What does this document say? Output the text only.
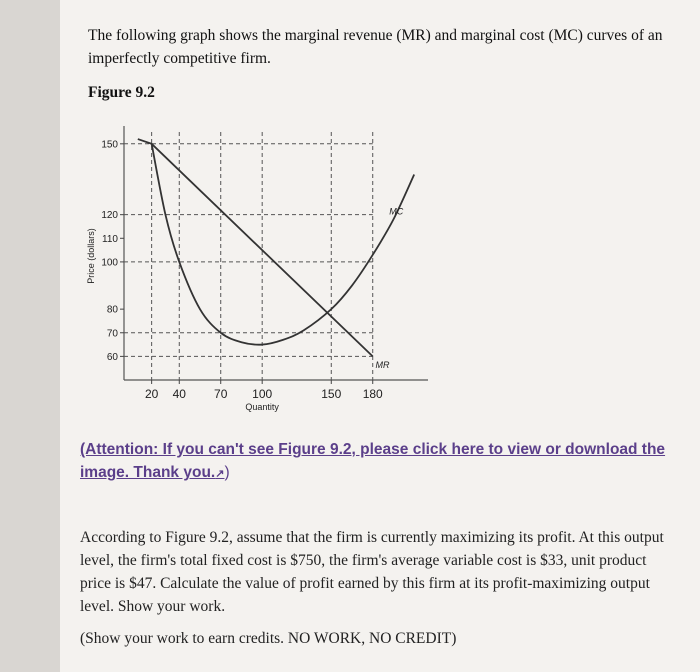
The following graph shows the marginal revenue (MR) and marginal cost (MC) curves of an imperfectly competitive firm.
Figure 9.2
60
70
80
100
110
120
150
20 40 70 100	150 180
Price (dollars)
Quantity
MC
MR
(Attention: If you can't see Figure 9.2, please click here to view or download the image. Thank you.↗)
According to Figure 9.2, assume that the firm is currently maximizing its profit. At this output level, the firm's total fixed cost is $750, the firm's average variable cost is $33, unit product price is $47. Calculate the value of profit earned by this firm at its profit-maximizing output level. Show your work.
(Show your work to earn credits. NO WORK, NO CREDIT)
